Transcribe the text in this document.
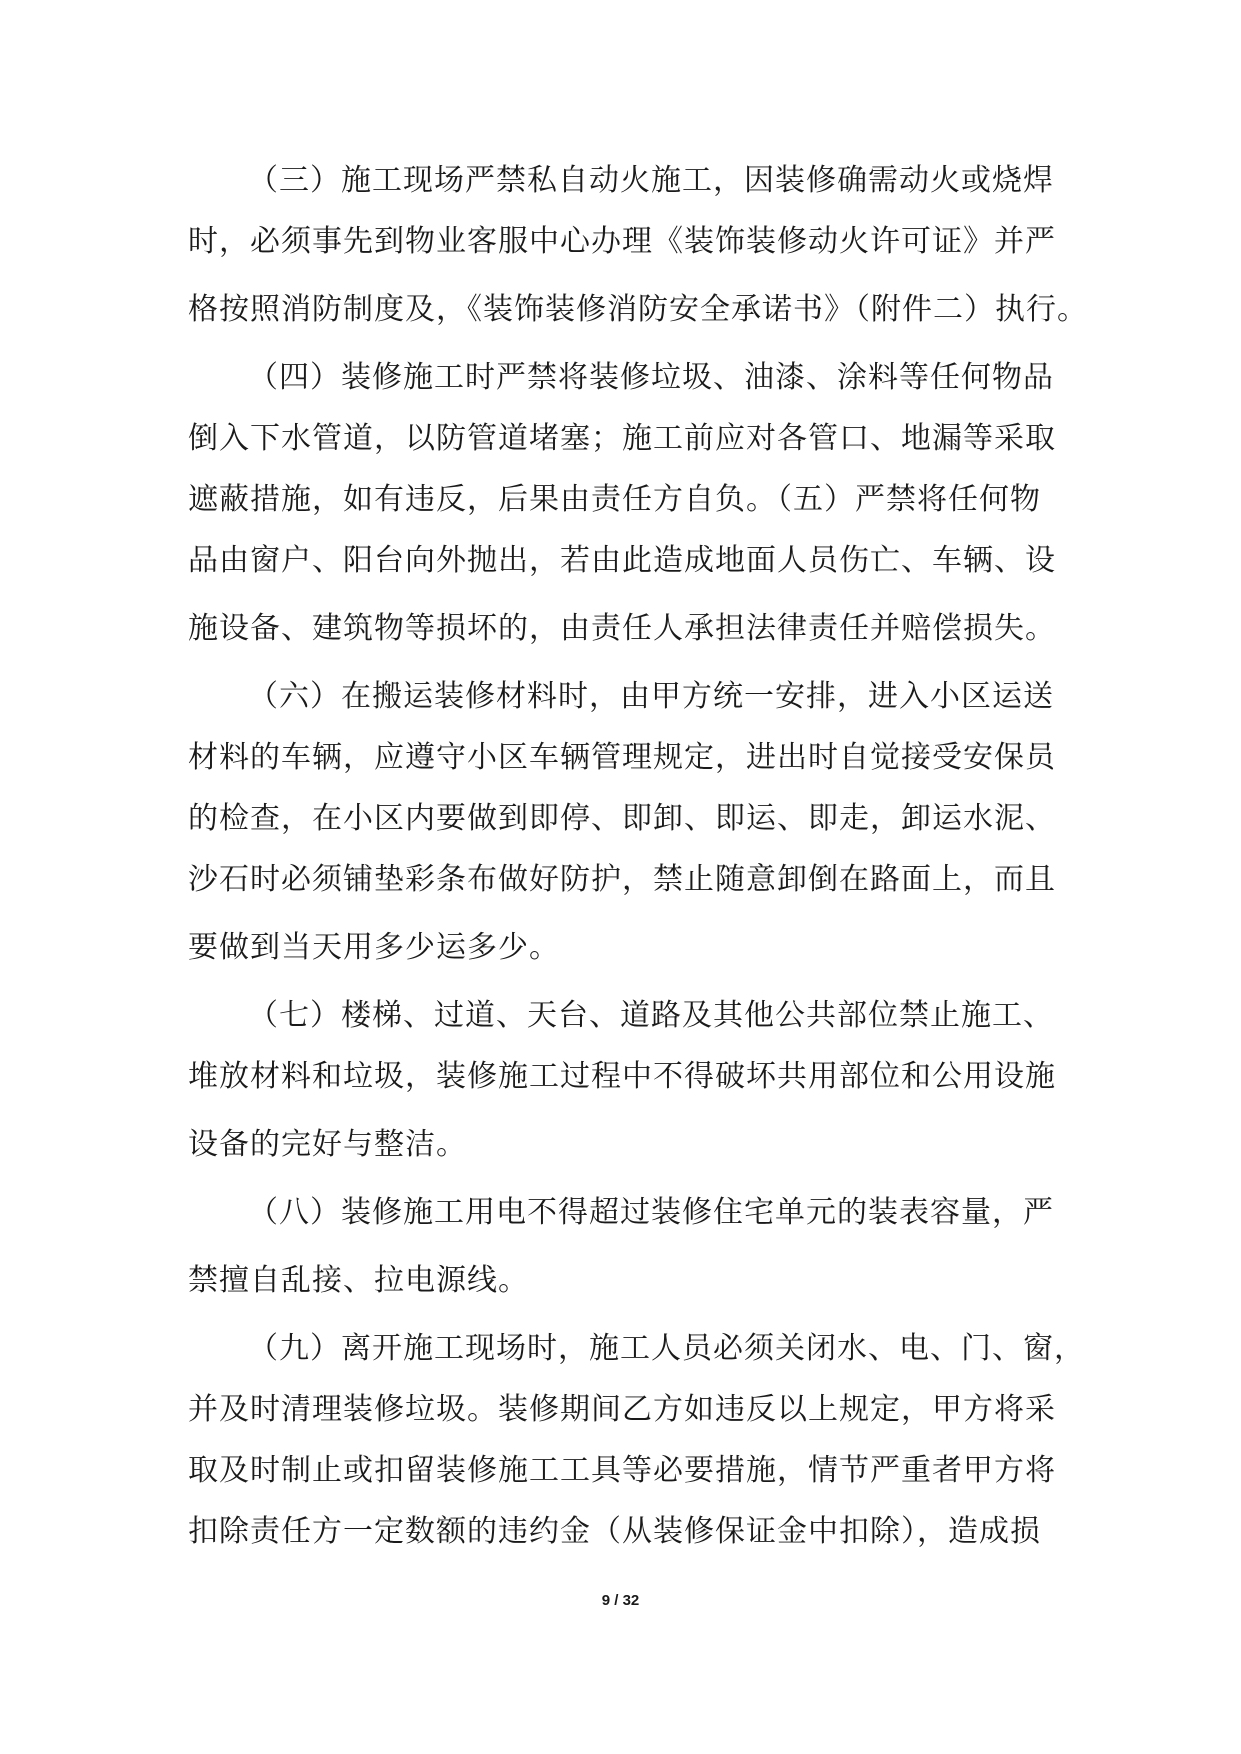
（三）施工现场严禁私自动火施工，因装修确需动火或烧焊
时，必须事先到物业客服中心办理《装饰装修动火许可证》并严
格按照消防制度及，《装饰装修消防安全承诺书》（附件二）执行。
（四）装修施工时严禁将装修垃圾、油漆、涂料等任何物品
倒入下水管道，以防管道堵塞；施工前应对各管口、地漏等采取
遮蔽措施，如有违反，后果由责任方自负。（五）严禁将任何物
品由窗户、阳台向外抛出，若由此造成地面人员伤亡、车辆、设
施设备、建筑物等损坏的，由责任人承担法律责任并赔偿损失。
（六）在搬运装修材料时，由甲方统一安排，进入小区运送
材料的车辆，应遵守小区车辆管理规定，进出时自觉接受安保员
的检查，在小区内要做到即停、即卸、即运、即走，卸运水泥、
沙石时必须铺垫彩条布做好防护，禁止随意卸倒在路面上，而且
要做到当天用多少运多少。
（七）楼梯、过道、天台、道路及其他公共部位禁止施工、
堆放材料和垃圾，装修施工过程中不得破坏共用部位和公用设施
设备的完好与整洁。
（八）装修施工用电不得超过装修住宅单元的装表容量，严
禁擅自乱接、拉电源线。
（九）离开施工现场时，施工人员必须关闭水、电、门、窗，
并及时清理装修垃圾。装修期间乙方如违反以上规定，甲方将采
取及时制止或扣留装修施工工具等必要措施，情节严重者甲方将
扣除责任方一定数额的违约金（从装修保证金中扣除），造成损
9 / 32
